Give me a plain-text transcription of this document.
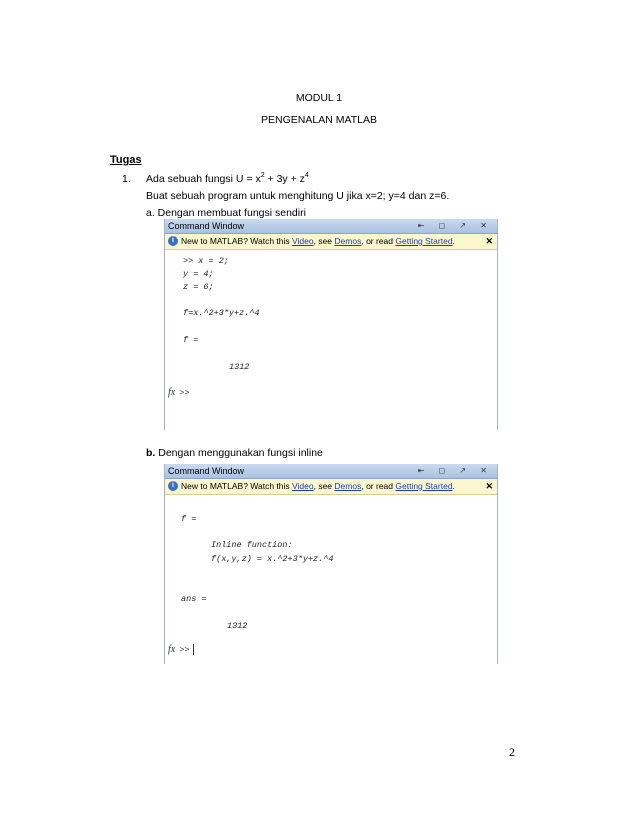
MODUL 1
PENGENALAN MATLAB
Tugas
1. Ada sebuah fungsi $U = x^2 + 3y + z^4$
Buat sebuah program untuk menghitung U jika x=2; y=4 dan z=6.
a. Dengan membuat fungsi sendiri
Command Window	⇤ ◻ ↗ ✕
i New to MATLAB? Watch this Video, see Demos, or read Getting Started.	✕
>> x = 2;
y = 4;
z = 6;
f=x.^2+3*y+z.^4
f =
1312
fx >>
b. Dengan menggunakan fungsi inline
Command Window	⇤ ◻ ↗ ✕
i New to MATLAB? Watch this Video, see Demos, or read Getting Started.	✕
f =
Inline function:
f(x,y,z) = x.^2+3*y+z.^4
ans =
1312
fx >>
2
